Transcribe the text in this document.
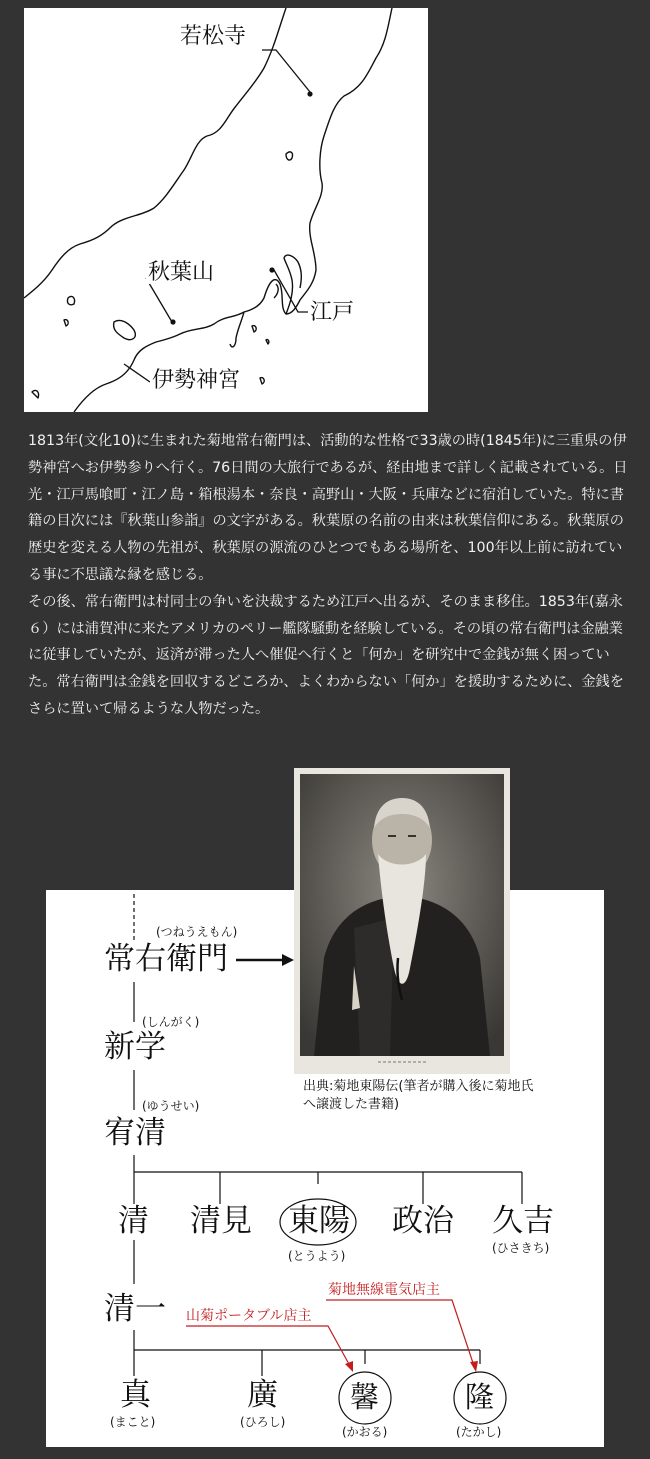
若松寺
秋葉山
江戸
伊勢神宮

1813年(文化10)に生まれた菊地常右衛門は、活動的な性格で33歳の時(1845年)に三重県の伊勢神宮へお伊勢参りへ行く。76日間の大旅行であるが、経由地まで詳しく記載されている。日光・江戸馬喰町・江ノ島・箱根湯本・奈良・高野山・大阪・兵庫などに宿泊していた。特に書籍の目次には『秋葉山参詣』の文字がある。秋葉原の名前の由来は秋葉信仰にある。秋葉原の歴史を変える人物の先祖が、秋葉原の源流のひとつでもある場所を、100年以上前に訪れている事に不思議な縁を感じる。

その後、常右衛門は村同士の争いを決裁するため江戸へ出るが、そのまま移住。1853年(嘉永６）には浦賀沖に来たアメリカのペリー艦隊騒動を経験している。その頃の常右衛門は金融業に従事していたが、返済が滞った人へ催促へ行くと「何か」を研究中で金銭が無く困っていた。常右衛門は金銭を回収するどころか、よくわからない「何か」を援助するために、金銭をさらに置いて帰るような人物だった。

(つねうえもん)
常右衛門
(しんがく)
新学
(ゆうせい)
宥清
清 清見 東陽
(とうよう)
政治 久吉
(ひさきち)
清一
菊地無線電気店主
山菊ポータブル店主
真
(まこと)
廣
(ひろし)
馨
(かおる)
隆
(たかし)
出典:菊地東陽伝(筆者が購入後に菊地氏へ譲渡した書籍)
